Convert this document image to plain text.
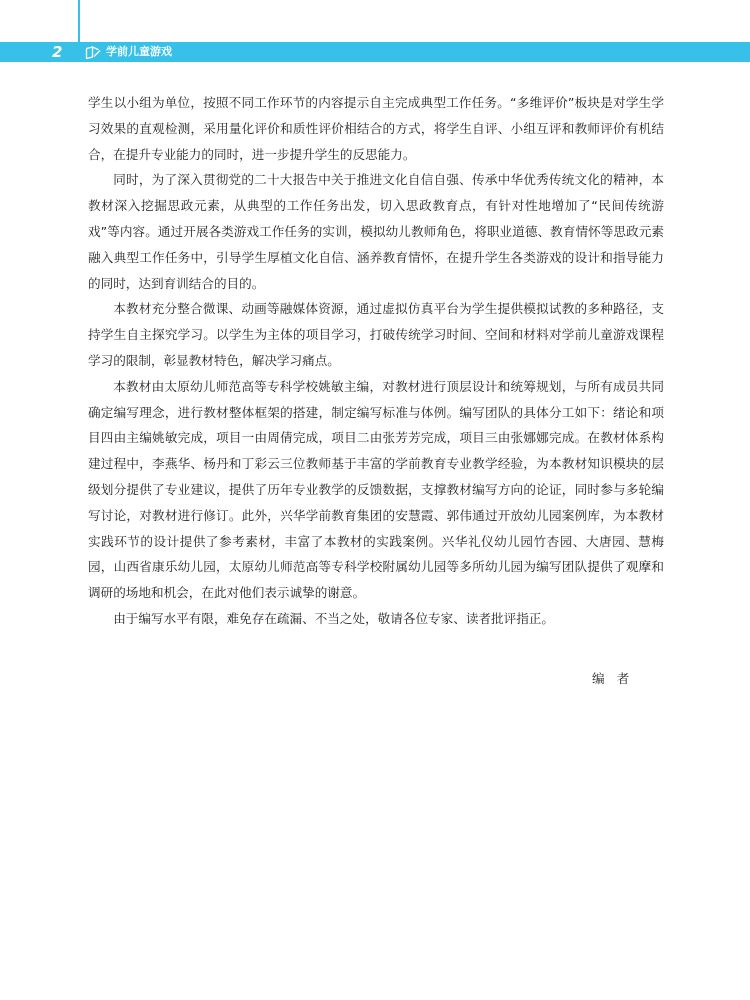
2	学前儿童游戏

学生以小组为单位，按照不同工作环节的内容提示自主完成典型工作任务。“多维评价”板块是对学生学习效果的直观检测，采用量化评价和质性评价相结合的方式，将学生自评、小组互评和教师评价有机结合，在提升专业能力的同时，进一步提升学生的反思能力。

同时，为了深入贯彻党的二十大报告中关于推进文化自信自强、传承中华优秀传统文化的精神，本教材深入挖掘思政元素，从典型的工作任务出发，切入思政教育点，有针对性地增加了“民间传统游戏”等内容。通过开展各类游戏工作任务的实训，模拟幼儿教师角色，将职业道德、教育情怀等思政元素融入典型工作任务中，引导学生厚植文化自信、涵养教育情怀，在提升学生各类游戏的设计和指导能力的同时，达到育训结合的目的。

本教材充分整合微课、动画等融媒体资源，通过虚拟仿真平台为学生提供模拟试教的多种路径，支持学生自主探究学习。以学生为主体的项目学习，打破传统学习时间、空间和材料对学前儿童游戏课程学习的限制，彰显教材特色，解决学习痛点。

本教材由太原幼儿师范高等专科学校姚敏主编，对教材进行顶层设计和统筹规划，与所有成员共同确定编写理念，进行教材整体框架的搭建，制定编写标准与体例。编写团队的具体分工如下：绪论和项目四由主编姚敏完成，项目一由周倩完成，项目二由张芳芳完成，项目三由张娜娜完成。在教材体系构建过程中，李燕华、杨丹和丁彩云三位教师基于丰富的学前教育专业教学经验，为本教材知识模块的层级划分提供了专业建议，提供了历年专业教学的反馈数据，支撑教材编写方向的论证，同时参与多轮编写讨论，对教材进行修订。此外，兴华学前教育集团的安慧霞、郭伟通过开放幼儿园案例库，为本教材实践环节的设计提供了参考素材，丰富了本教材的实践案例。兴华礼仪幼儿园竹杏园、大唐园、慧梅园，山西省康乐幼儿园，太原幼儿师范高等专科学校附属幼儿园等多所幼儿园为编写团队提供了观摩和调研的场地和机会，在此对他们表示诚挚的谢意。

由于编写水平有限，难免存在疏漏、不当之处，敬请各位专家、读者批评指正。

编者
